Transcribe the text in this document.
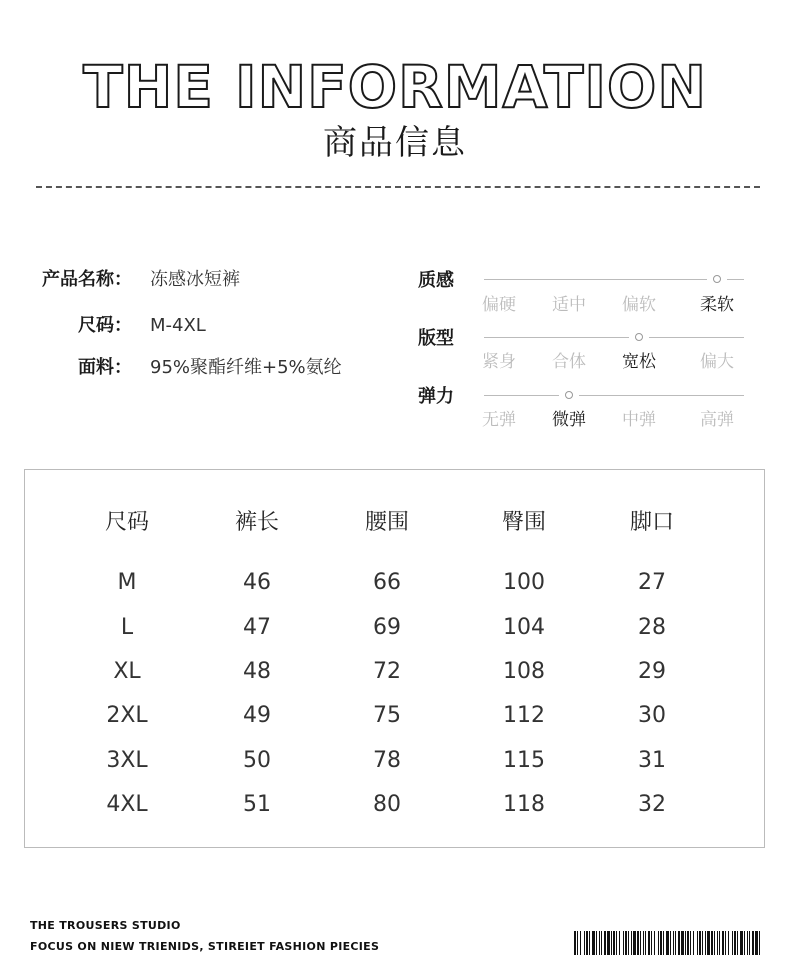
THE INFORMATION
商品信息
产品名称： 冻感冰短裤
尺码： M-4XL
面料： 95%聚酯纤维+5%氨纶
质感
偏硬	适中	偏软	柔软
版型
紧身	合体	宽松	偏大
弹力
无弹	微弹	中弹	高弹
尺码	裤长	腰围	臀围	脚口
M	46	66	100	27
L	47	69	104	28
XL	48	72	108	29
2XL	49	75	112	30
3XL	50	78	115	31
4XL	51	80	118	32
THE TROUSERS STUDIO
FOCUS ON NIEW TRIENIDS, STIREIET FASHION PIECIES
